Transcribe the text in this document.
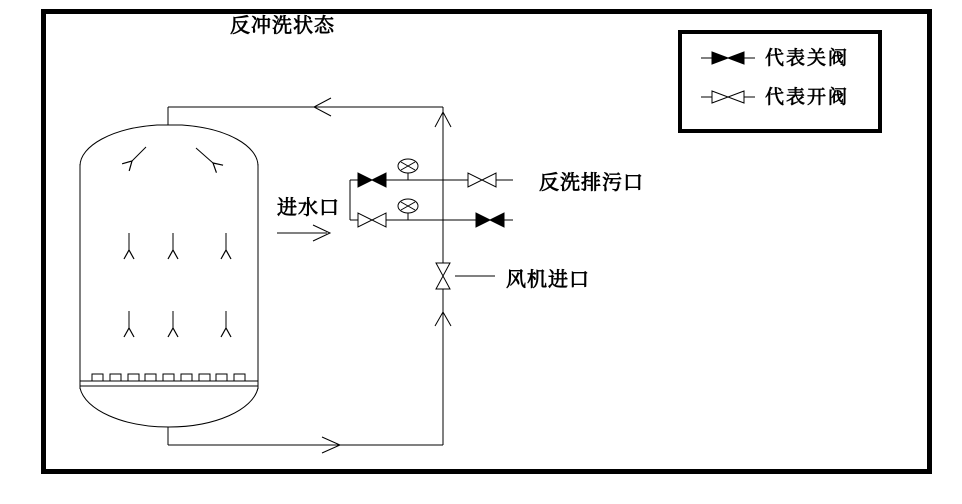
反冲洗状态
进水口
反洗排污口
风机进口
代表关阀
代表开阀
